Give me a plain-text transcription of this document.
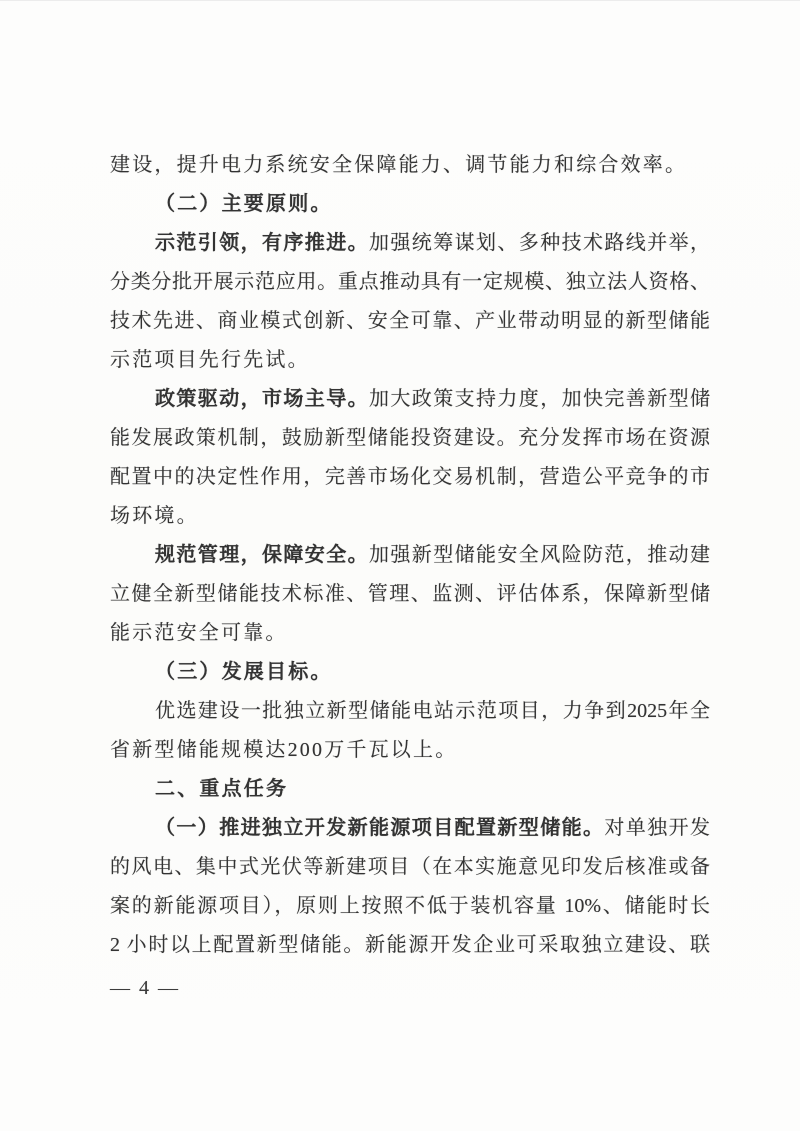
建设，提升电力系统安全保障能力、调节能力和综合效率。
（二）主要原则。
示范引领，有序推进。加强统筹谋划、多种技术路线并举，
分类分批开展示范应用。重点推动具有一定规模、独立法人资格、
技术先进、商业模式创新、安全可靠、产业带动明显的新型储能
示范项目先行先试。
政策驱动，市场主导。加大政策支持力度，加快完善新型储
能发展政策机制，鼓励新型储能投资建设。充分发挥市场在资源
配置中的决定性作用，完善市场化交易机制，营造公平竞争的市
场环境。
规范管理，保障安全。加强新型储能安全风险防范，推动建
立健全新型储能技术标准、管理、监测、评估体系，保障新型储
能示范安全可靠。
（三）发展目标。
优选建设一批独立新型储能电站示范项目，力争到2025年全
省新型储能规模达200万千瓦以上。
二、重点任务
（一）推进独立开发新能源项目配置新型储能。对单独开发
的风电、集中式光伏等新建项目（在本实施意见印发后核准或备
案的新能源项目），原则上按照不低于装机容量 10%、储能时长
2 小时以上配置新型储能。新能源开发企业可采取独立建设、联
— 4 —
